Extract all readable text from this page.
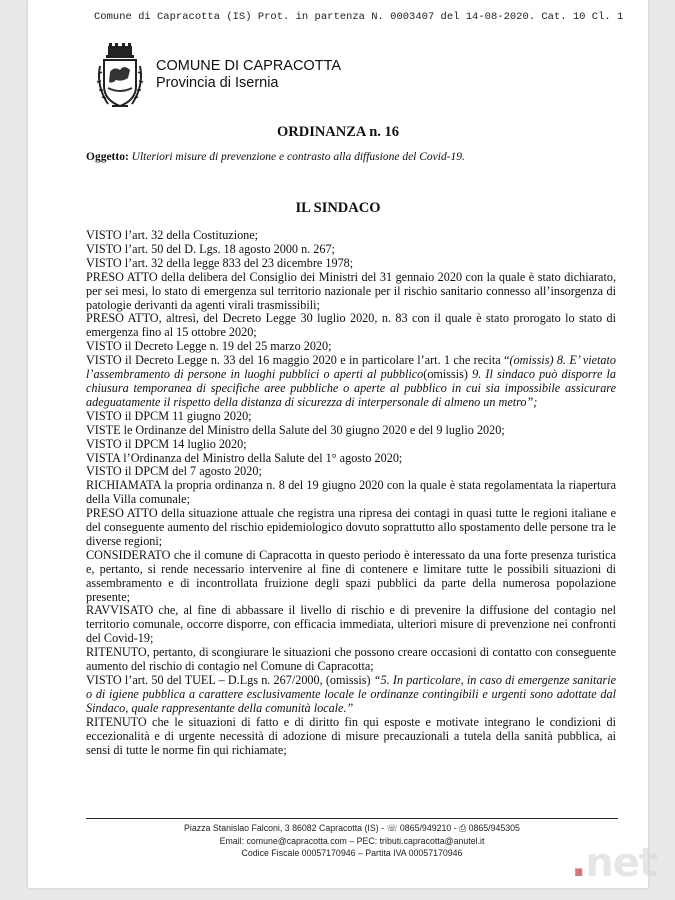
Comune di Capracotta (IS) Prot. in partenza N. 0003407 del 14-08-2020. Cat. 10 Cl. 1
COMUNE DI CAPRACOTTA
Provincia di Isernia
ORDINANZA n. 16
Oggetto: Ulteriori misure di prevenzione e contrasto alla diffusione del Covid-19.
IL SINDACO

VISTO l’art. 32 della Costituzione;

VISTO l’art. 50 del D. Lgs. 18 agosto 2000 n. 267;

VISTO l’art. 32 della legge 833 del 23 dicembre 1978;

PRESO ATTO della delibera del Consiglio dei Ministri del 31 gennaio 2020 con la quale è stato dichiarato, per sei mesi, lo stato di emergenza sul territorio nazionale per il rischio sanitario connesso all’insorgenza di patologie derivanti da agenti virali trasmissibili;

PRESO ATTO, altresì, del Decreto Legge 30 luglio 2020, n. 83 con il quale è stato prorogato lo stato di emergenza fino al 15 ottobre 2020;

VISTO il Decreto Legge n. 19 del 25 marzo 2020;

VISTO il Decreto Legge n. 33 del 16 maggio 2020 e in particolare l’art. 1 che recita “(omissis) 8. E’ vietato l’assembramento di persone in luoghi pubblici o aperti al pubblico(omissis) 9. Il sindaco può disporre la chiusura temporanea di specifiche aree pubbliche o aperte al pubblico in cui sia impossibile assicurare adeguatamente il rispetto della distanza di sicurezza di interpersonale di almeno un metro”;

VISTO il DPCM 11 giugno 2020;

VISTE le Ordinanze del Ministro della Salute del 30 giugno 2020 e del 9 luglio 2020;

VISTO il DPCM 14 luglio 2020;

VISTA l’Ordinanza del Ministro della Salute del 1° agosto 2020;

VISTO il DPCM del 7 agosto 2020;

RICHIAMATA la propria ordinanza n. 8 del 19 giugno 2020 con la quale è stata regolamentata la riapertura della Villa comunale;

PRESO ATTO della situazione attuale che registra una ripresa dei contagi in quasi tutte le regioni italiane e del conseguente aumento del rischio epidemiologico dovuto soprattutto allo spostamento delle persone tra le diverse regioni;

CONSIDERATO che il comune di Capracotta in questo periodo è interessato da una forte presenza turistica e, pertanto, si rende necessario intervenire al fine di contenere e limitare tutte le possibili situazioni di assembramento e di incontrollata fruizione degli spazi pubblici da parte della numerosa popolazione presente;

RAVVISATO che, al fine di abbassare il livello di rischio e di prevenire la diffusione del contagio nel territorio comunale, occorre disporre, con efficacia immediata, ulteriori misure di prevenzione nei confronti del Covid-19;

RITENUTO, pertanto, di scongiurare le situazioni che possono creare occasioni di contatto con conseguente aumento del rischio di contagio nel Comune di Capracotta;

VISTO l’art. 50 del TUEL – D.Lgs n. 267/2000, (omissis) “5. In particolare, in caso di emergenze sanitarie o di igiene pubblica a carattere esclusivamente locale le ordinanze contingibili e urgenti sono adottate dal Sindaco, quale rappresentante della comunità locale.”

RITENUTO che le situazioni di fatto e di diritto fin qui esposte e motivate integrano le condizioni di eccezionalità e di urgente necessità di adozione di misure precauzionali a tutela della sanità pubblica, ai sensi di tutte le norme fin qui richiamate;

Piazza Stanislao Falconi, 3 86082 Capracotta (IS) - ☏ 0865/949210 - ⎙ 0865/945305
Email: comune@capracotta.com – PEC: tributi.capracotta@anutel.it
Codice Fiscale 00057170946 – Partita IVA 00057170946	.net
